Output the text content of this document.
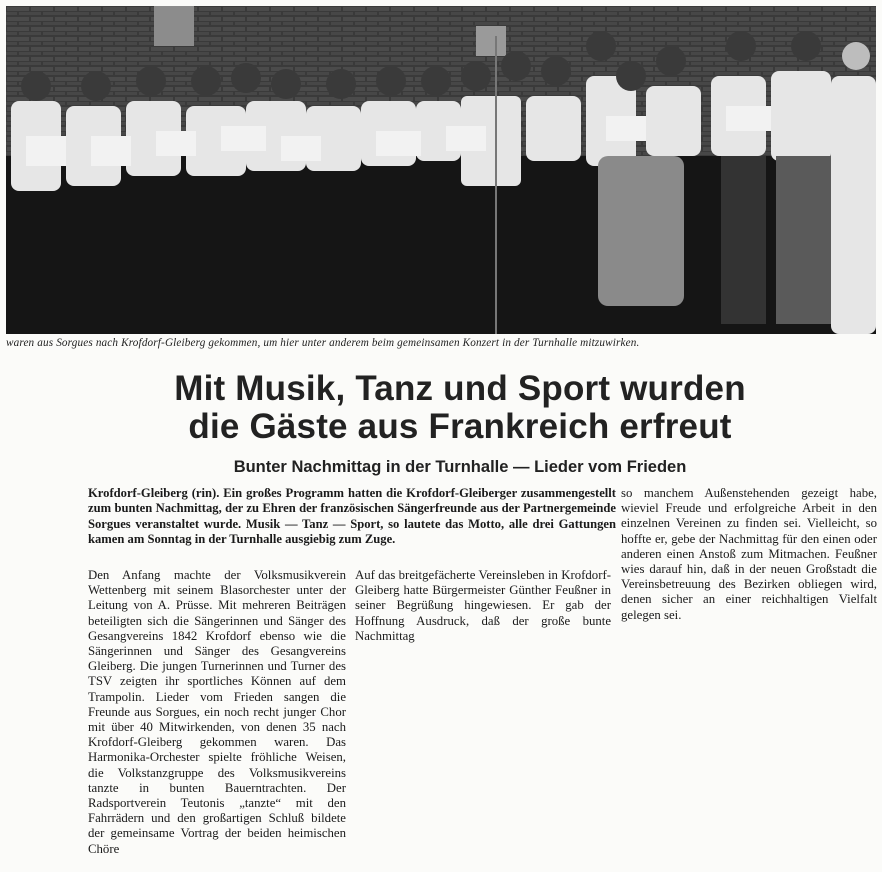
waren aus Sorgues nach Krofdorf-Gleiberg gekommen, um hier unter anderem beim gemeinsamen Konzert in der Turnhalle mitzuwirken.
Mit Musik, Tanz und Sport wurden
die Gäste aus Frankreich erfreut
Bunter Nachmittag in der Turnhalle — Lieder vom Frieden

Krofdorf-Gleiberg (rin). Ein großes Programm hatten die Krofdorf-Gleiberger zusammengestellt zum bunten Nachmittag, der zu Ehren der französischen Sängerfreunde aus der Partnergemeinde Sorgues veranstaltet wurde. Musik — Tanz — Sport, so lautete das Motto, alle drei Gattungen kamen am Sonntag in der Turnhalle ausgiebig zum Zuge.

Den Anfang machte der Volksmusikverein Wettenberg mit seinem Blasorchester unter der Leitung von A. Prüsse. Mit mehreren Beiträgen beteiligten sich die Sängerinnen und Sänger des Gesangvereins 1842 Krofdorf ebenso wie die Sängerinnen und Sänger des Gesangvereins Gleiberg. Die jungen Turnerinnen und Turner des TSV zeigten ihr sportliches Können auf dem Trampolin. Lieder vom Frieden sangen die Freunde aus Sorgues, ein noch recht junger Chor mit über 40 Mitwirkenden, von denen 35 nach Krofdorf-Gleiberg gekommen waren. Das Harmonika-Orchester spielte fröhliche Weisen, die Volkstanzgruppe des Volksmusikvereins tanzte in bunten Bauerntrachten. Der Radsportverein Teutonis „tanzte“ mit den Fahrrädern und den großartigen Schluß bildete der gemeinsame Vortrag der beiden heimischen Chöre

Auf das breitgefächerte Vereinsleben in Krofdorf-Gleiberg hatte Bürgermeister Günther Feußner in seiner Begrüßung hingewiesen. Er gab der Hoffnung Ausdruck, daß der große bunte Nachmittag

so manchem Außenstehenden gezeigt habe, wieviel Freude und erfolgreiche Arbeit in den einzelnen Vereinen zu finden sei. Vielleicht, so hoffte er, gebe der Nachmittag für den einen oder anderen einen Anstoß zum Mitmachen. Feußner wies darauf hin, daß in der neuen Großstadt die Vereinsbetreuung des Bezirken obliegen wird, denen sicher an einer reichhaltigen Vielfalt gelegen sei.
